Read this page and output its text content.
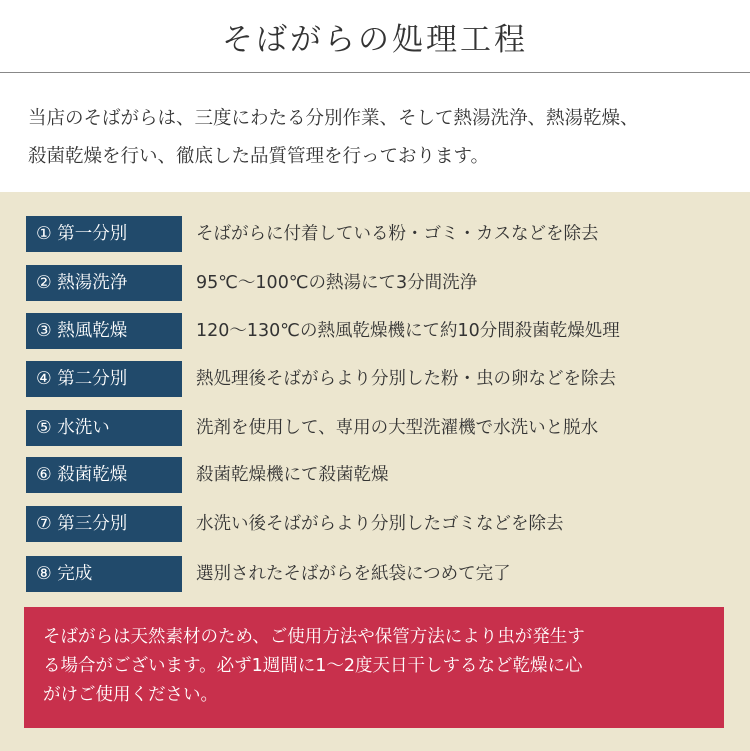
そばがらの処理工程

当店のそばがらは、三度にわたる分別作業、そして熱湯洗浄、熱湯乾燥、

殺菌乾燥を行い、徹底した品質管理を行っております。

① 第一分別	そばがらに付着している粉・ゴミ・カスなどを除去
② 熱湯洗浄	95℃～100℃の熱湯にて3分間洗浄
③ 熱風乾燥	120～130℃の熱風乾燥機にて約10分間殺菌乾燥処理
④ 第二分別	熱処理後そばがらより分別した粉・虫の卵などを除去
⑤ 水洗い	洗剤を使用して、専用の大型洗濯機で水洗いと脱水
⑥ 殺菌乾燥	殺菌乾燥機にて殺菌乾燥
⑦ 第三分別	水洗い後そばがらより分別したゴミなどを除去
⑧ 完成	選別されたそばがらを紙袋につめて完了

そばがらは天然素材のため、ご使用方法や保管方法により虫が発生す

る場合がございます。必ず1週間に1～2度天日干しするなど乾燥に心

がけご使用ください。
